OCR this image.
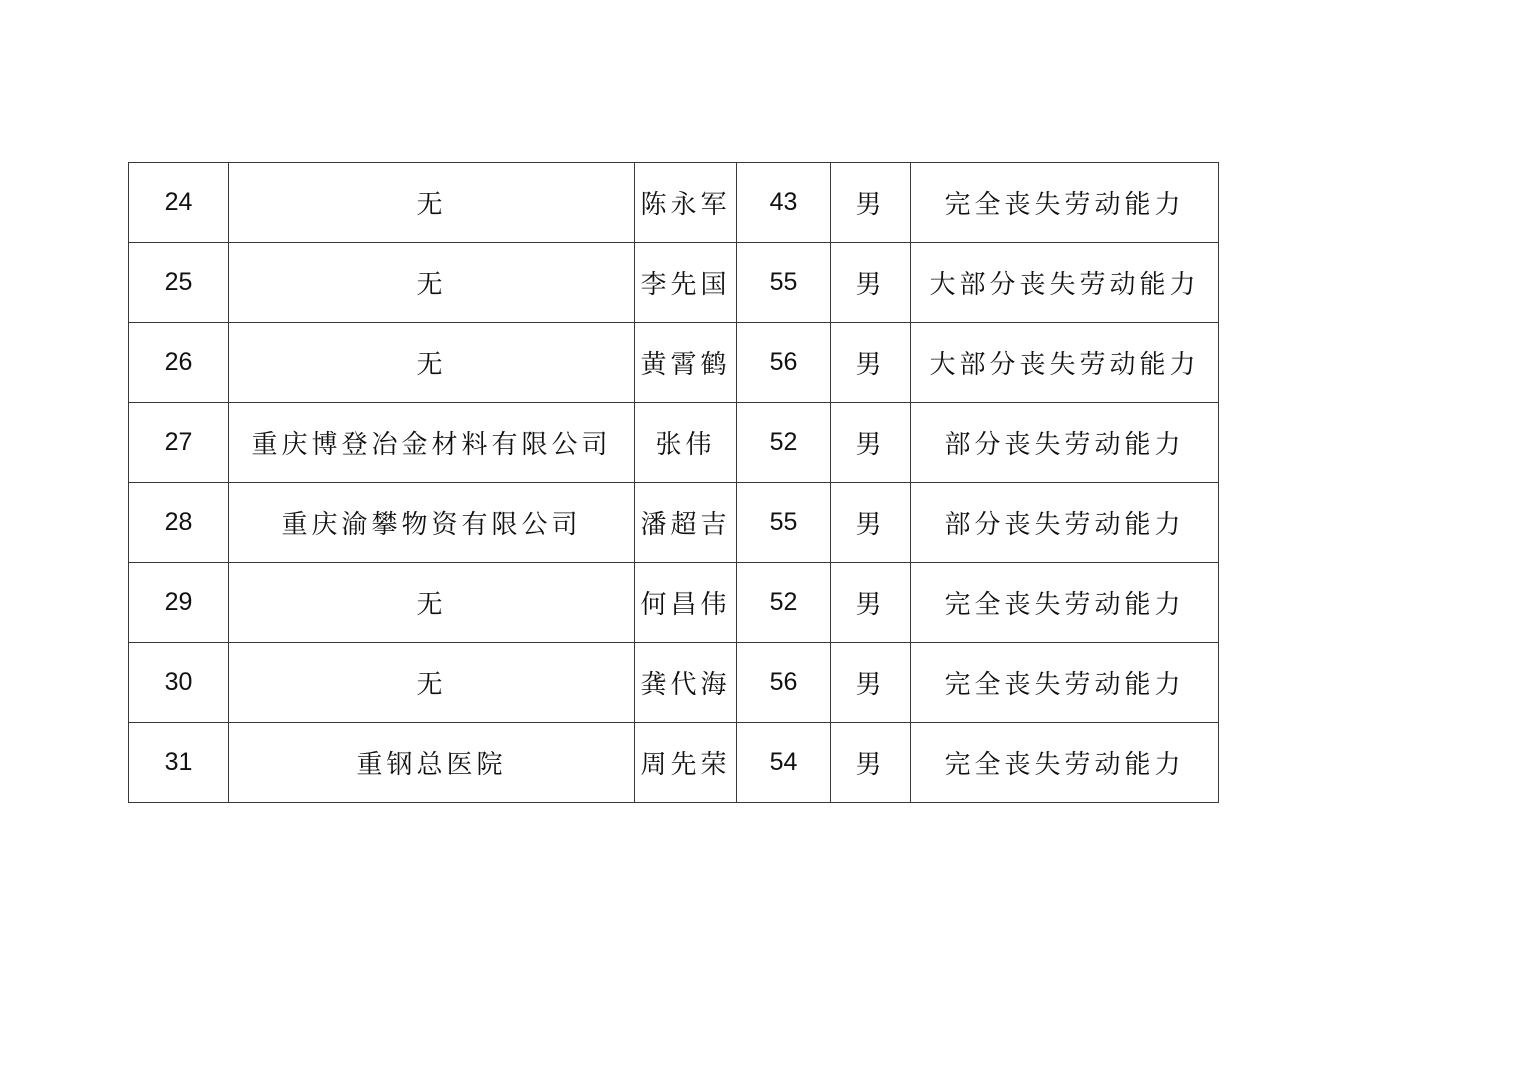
24	无	陈永军	43	男	完全丧失劳动能力
25	无	李先国	55	男	大部分丧失劳动能力
26	无	黄霄鹤	56	男	大部分丧失劳动能力
27	重庆博登冶金材料有限公司	张伟	52	男	部分丧失劳动能力
28	重庆渝攀物资有限公司	潘超吉	55	男	部分丧失劳动能力
29	无	何昌伟	52	男	完全丧失劳动能力
30	无	龚代海	56	男	完全丧失劳动能力
31	重钢总医院	周先荣	54	男	完全丧失劳动能力
